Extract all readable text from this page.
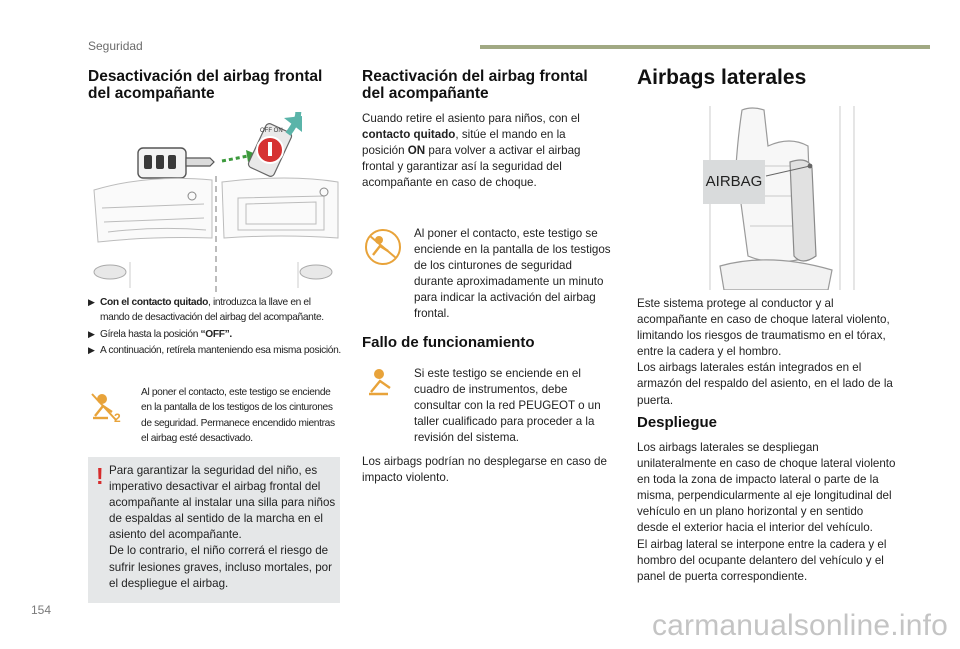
Seguridad
Desactivación del airbag frontal
del acompañante
OFF ON
▶ Con el contacto quitado, introduzca la llave en el mando de desactivación del airbag del acompañante.
▶ Gírela hasta la posición “OFF”.
▶ A continuación, retírela manteniendo esa misma posición.
2
Al poner el contacto, este testigo se enciende en la pantalla de los testigos de los cinturones de seguridad. Permanece encendido mientras el airbag esté desactivado.
! Para garantizar la seguridad del niño, es imperativo desactivar el airbag frontal del acompañante al instalar una silla para niños de espaldas al sentido de la marcha en el asiento del acompañante.
De lo contrario, el niño correrá el riesgo de sufrir lesiones graves, incluso mortales, por el despliegue el airbag.
Reactivación del airbag frontal
del acompañante
Cuando retire el asiento para niños, con el contacto quitado, sitúe el mando en la posición ON para volver a activar el airbag frontal y garantizar así la seguridad del acompañante en caso de choque.
Al poner el contacto, este testigo se enciende en la pantalla de los testigos de los cinturones de seguridad durante aproximadamente un minuto para indicar la activación del airbag frontal.
Fallo de funcionamiento
Si este testigo se enciende en el cuadro de instrumentos, debe consultar con la red PEUGEOT o un taller cualificado para proceder a la revisión del sistema.
Los airbags podrían no desplegarse en caso de impacto violento.
Airbags laterales
AIRBAG
Este sistema protege al conductor y al acompañante en caso de choque lateral violento, limitando los riesgos de traumatismo en el tórax, entre la cadera y el hombro.
Los airbags laterales están integrados en el armazón del respaldo del asiento, en el lado de la puerta.
Despliegue
Los airbags laterales se despliegan unilateralmente en caso de choque lateral violento en toda la zona de impacto lateral o parte de la misma, perpendicularmente al eje longitudinal del vehículo en un plano horizontal y en sentido desde el exterior hacia el interior del vehículo.
El airbag lateral se interpone entre la cadera y el hombro del ocupante delantero del vehículo y el panel de puerta correspondiente.
154	carmanualsonline.info
